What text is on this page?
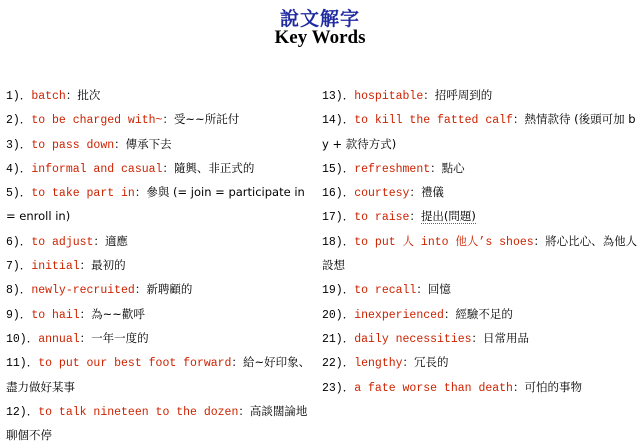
說文解字
Key Words
1)．batch：批次
2)．to be charged with~：受~~所託付
3)．to pass down：傳承下去
4)．informal and casual：隨興、非正式的
5)．to take part in：參與 (= join = participate in = enroll in)
6)．to adjust：適應
7)．initial：最初的
8)．newly-recruited：新聘顧的
9)．to hail：為~~歡呼
10)．annual：一年一度的
11)．to put our best foot forward：給~好印象、盡力做好某事
12)．to talk nineteen to the dozen：高談闊論地聊個不停
13)．hospitable：招呼周到的
14)．to kill the fatted calf：熱情款待 (後頭可加 by + 款待方式)
15)．refreshment：點心
16)．courtesy：禮儀
17)．to raise：提出(問題)
18)．to put 人 into 他人’s shoes：將心比心、為他人設想
19)．to recall：回憶
20)．inexperienced：經驗不足的
21)．daily necessities：日常用品
22)．lengthy：冗長的
23)．a fate worse than death：可怕的事物
